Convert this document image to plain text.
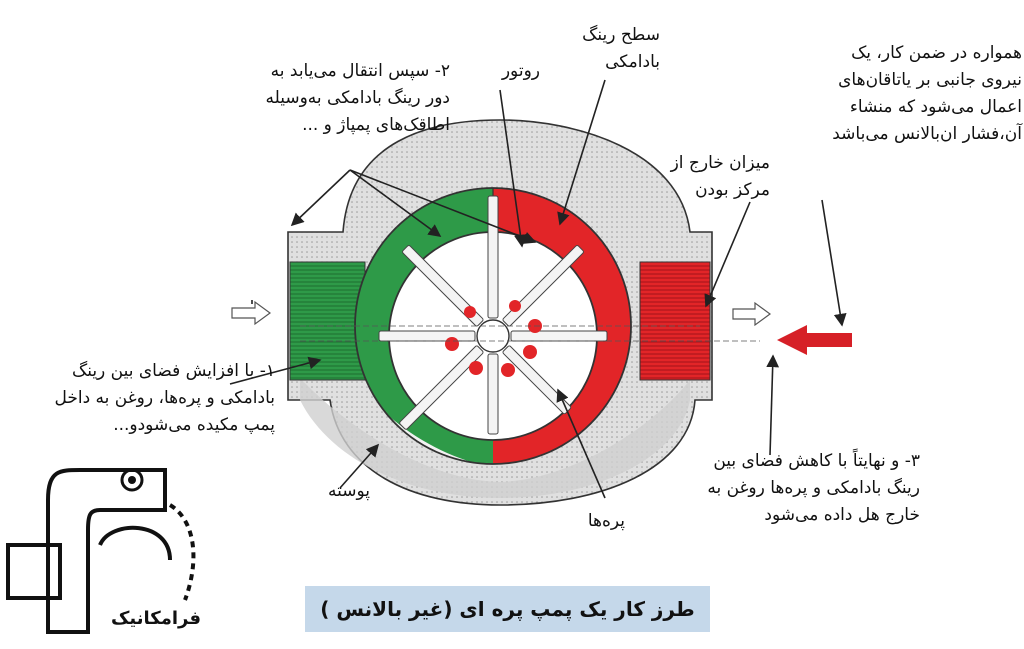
۲- سپس انتقال می‌یابد به
دور رینگ بادامکی به‌وسیله
اطاقک‌های پمپاژ و ...
روتور
سطح رینگ
بادامکی	همواره در ضمن کار، یک
نیروی جانبی بر یاتاقان‌های
اعمال می‌شود که منشاء
آن،فشار ان‌بالانس می‌باشد
میزان خارج از
مرکز بودن
۱- با افزایش فضای بین رینگ
بادامکی و پره‌ها، روغن به داخل
پمپ مکیده می‌شودو...
پوسته
پره‌ها
۳- و نهایتاً با کاهش فضای بین
رینگ بادامکی و پره‌ها روغن به
خارج هل داده می‌شود
طرز کار یک پمپ پره ای (غیر بالانس )
فرامکانیک
